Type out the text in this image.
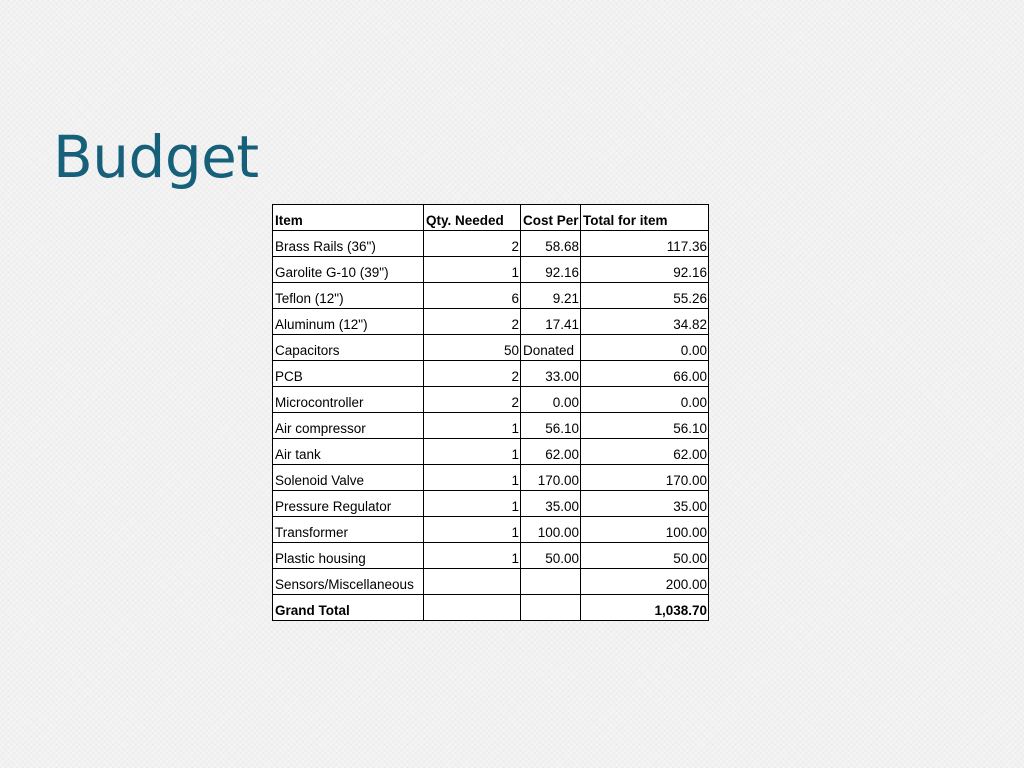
Budget
Item	Qty. Needed	Cost Per	Total for item
Brass Rails (36")	2	58.68	117.36
Garolite G-10 (39")	1	92.16	92.16
Teflon (12")	6	9.21	55.26
Aluminum (12")	2	17.41	34.82
Capacitors	50	Donated	0.00
PCB	2	33.00	66.00
Microcontroller	2	0.00	0.00
Air compressor	1	56.10	56.10
Air tank	1	62.00	62.00
Solenoid Valve	1	170.00	170.00
Pressure Regulator	1	35.00	35.00
Transformer	1	100.00	100.00
Plastic housing	1	50.00	50.00
Sensors/Miscellaneous			200.00
Grand Total			1,038.70
